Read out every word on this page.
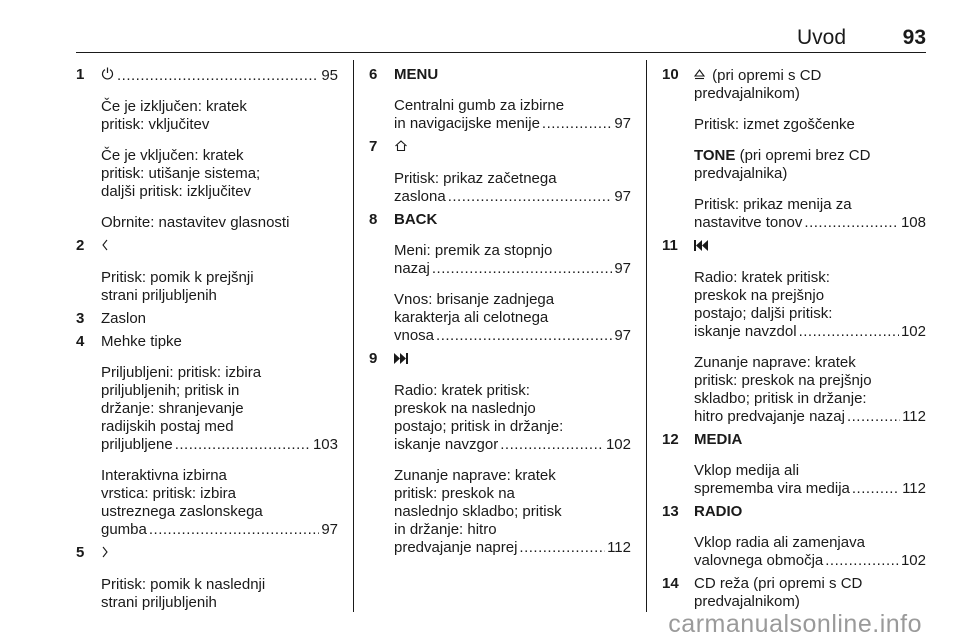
Uvod	93
1 .....	95
Če je izključen: kratek
pritisk: vključitev
Če je vključen: kratek
pritisk: utišanje sistema;
daljši pritisk: izključitev
Obrnite: nastavitev glasnosti
2
Pritisk: pomik k prejšnji
strani priljubljenih
3 Zaslon
4 Mehke tipke
Priljubljeni: pritisk: izbira
priljubljenih; pritisk in
držanje: shranjevanje
radijskih postaj med
priljubljene .....	103
Interaktivna izbirna
vrstica: pritisk: izbira
ustreznega zaslonskega
gumba .....	97
5
Pritisk: pomik k naslednji
strani priljubljenih
6 MENU
Centralni gumb za izbirne
in navigacijske menije .....	97
7
Pritisk: prikaz začetnega
zaslona .....	97
8 BACK
Meni: premik za stopnjo
nazaj .....	97
Vnos: brisanje zadnjega
karakterja ali celotnega
vnosa .....	97
9
Radio: kratek pritisk:
preskok na naslednjo
postajo; pritisk in držanje:
iskanje navzgor .....	102
Zunanje naprave: kratek
pritisk: preskok na
naslednjo skladbo; pritisk
in držanje: hitro
predvajanje naprej .....	112
10	(pri opremi s CD
predvajalnikom)
Pritisk: izmet zgoščenke
TONE (pri opremi brez CD
predvajalnika)
Pritisk: prikaz menija za
nastavitve tonov .....	108
11
Radio: kratek pritisk:
preskok na prejšnjo
postajo; daljši pritisk:
iskanje navzdol .....	102
Zunanje naprave: kratek
pritisk: preskok na prejšnjo
skladbo; pritisk in držanje:
hitro predvajanje nazaj .....	112
12 MEDIA
Vklop medija ali
sprememba vira medija .....	112
13 RADIO
Vklop radia ali zamenjava
valovnega območja .....	102
14 CD reža (pri opremi s CD
predvajalnikom)
carmanualsonline.info
